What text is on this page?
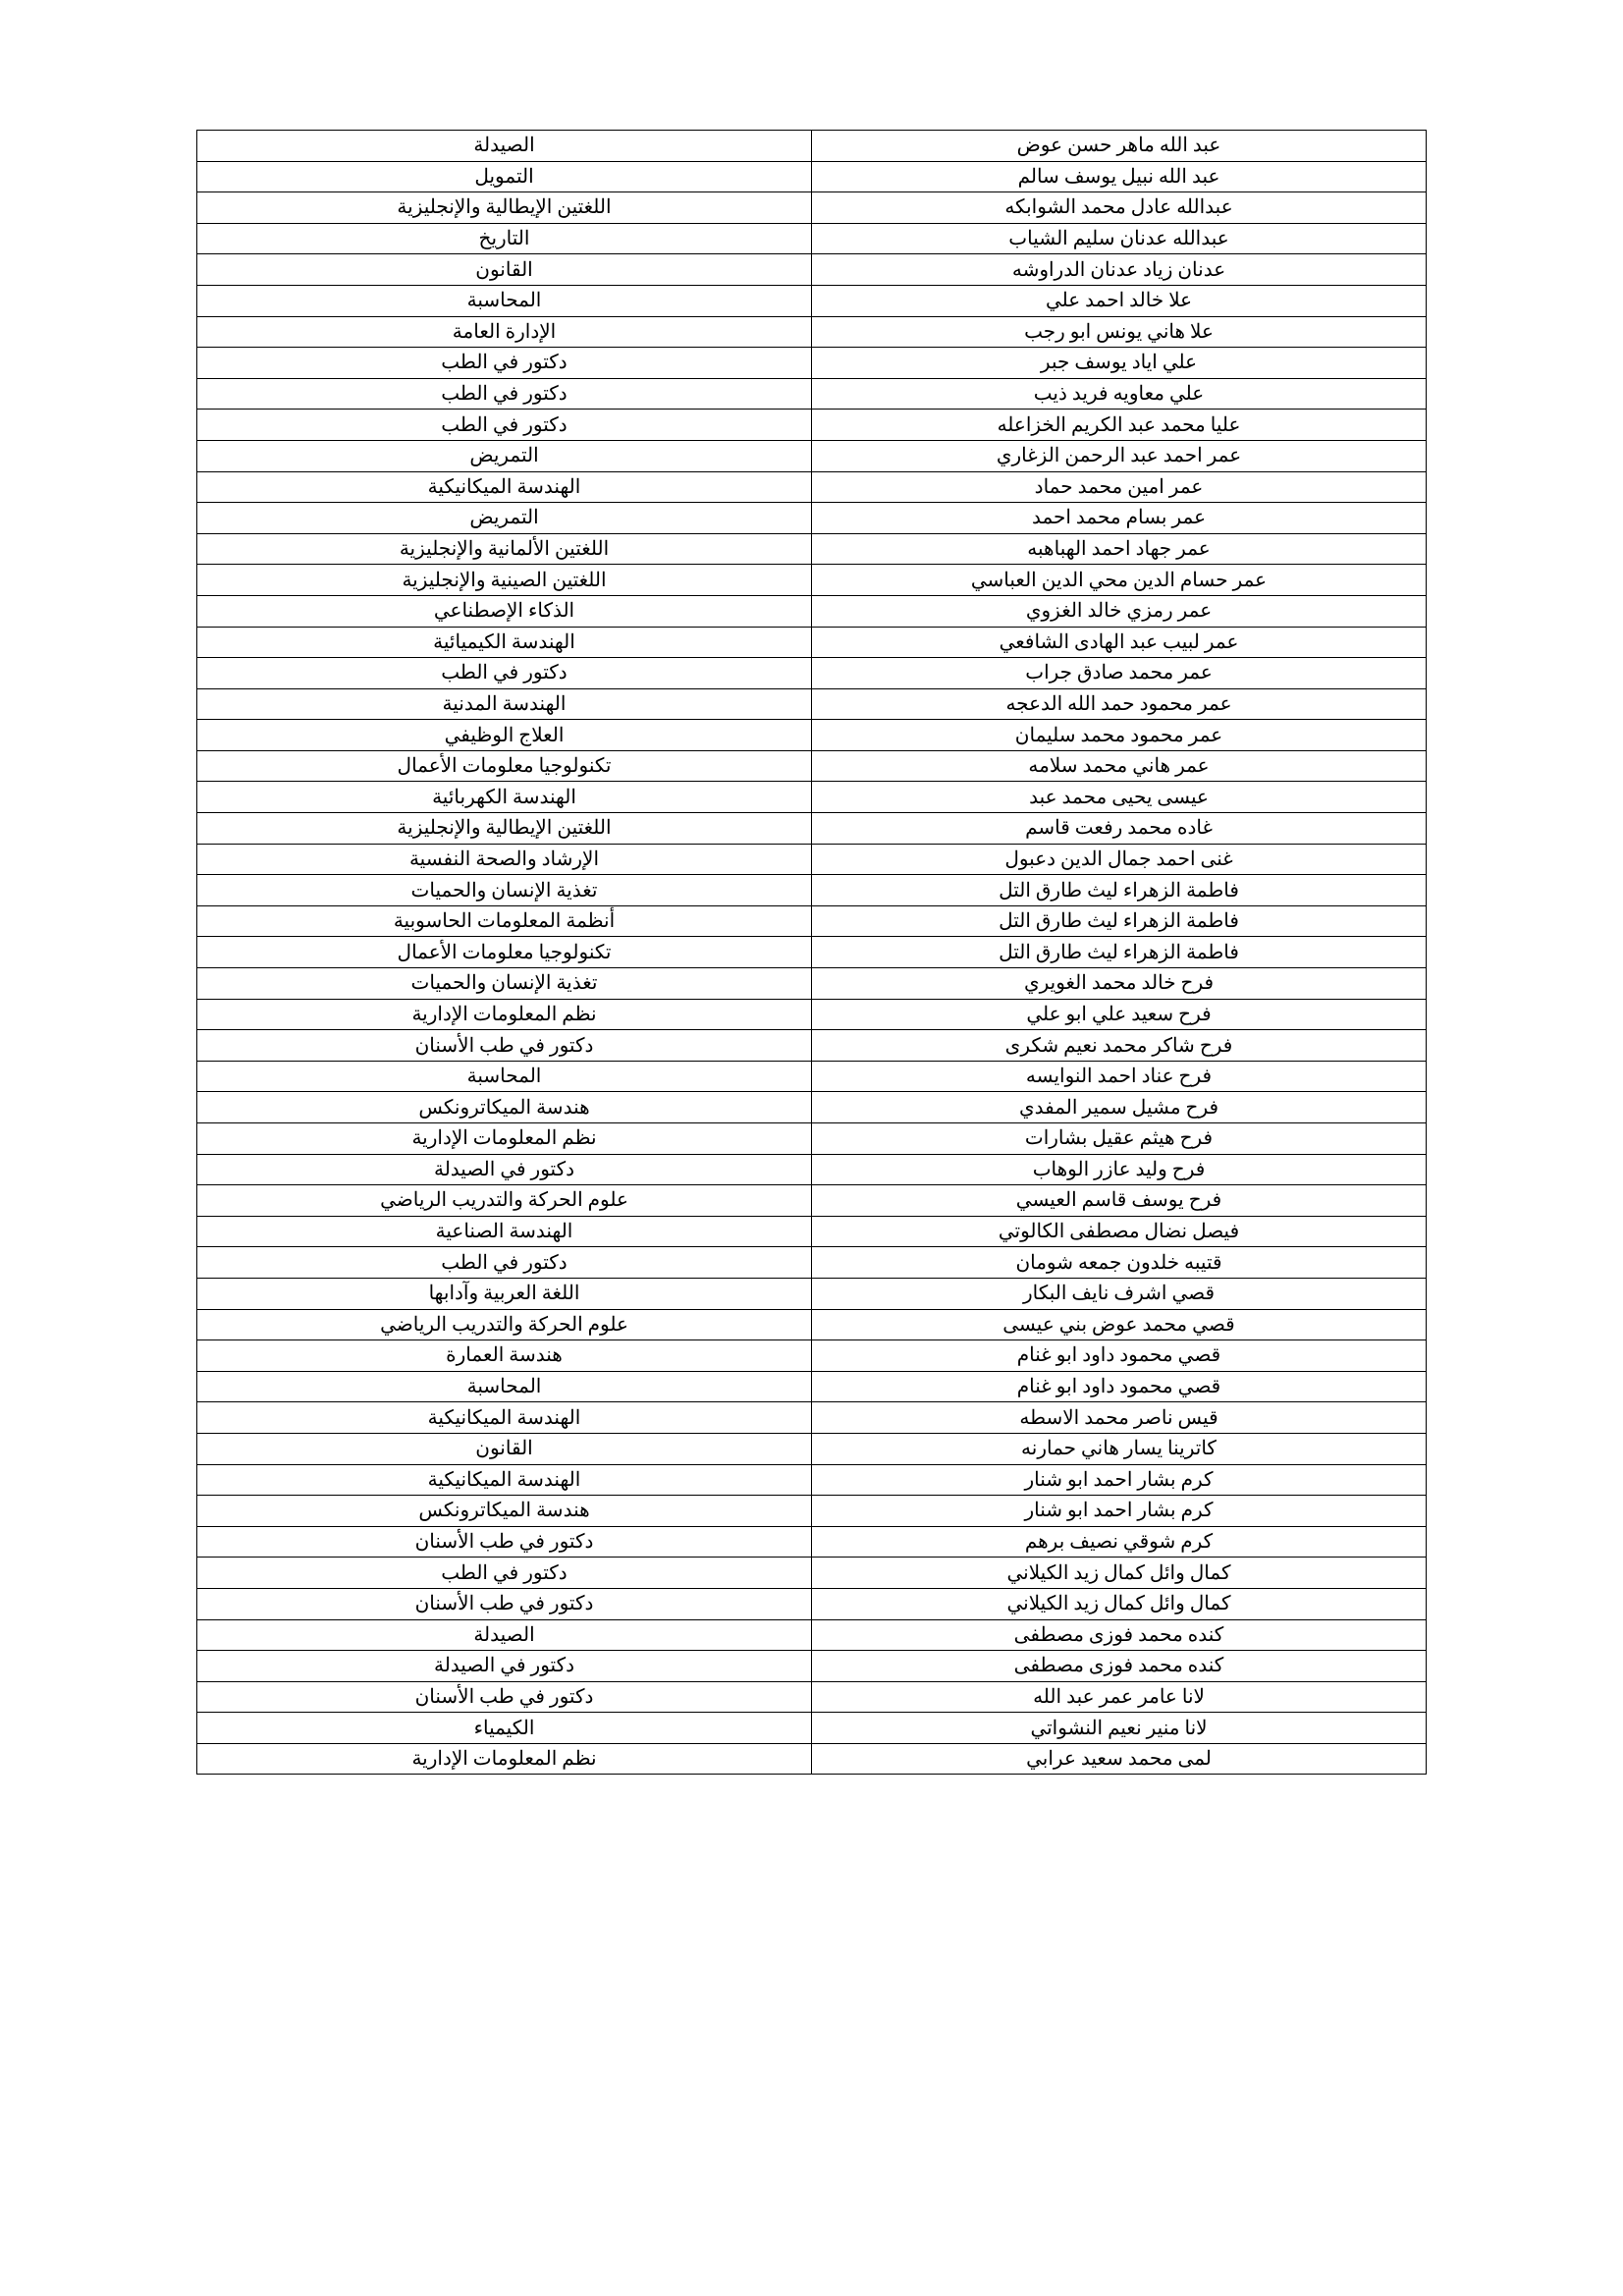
عبد الله ماهر حسن عوض	الصيدلة
عبد الله نبيل يوسف سالم	التمويل
عبدالله عادل محمد الشوابكه	اللغتين الإيطالية والإنجليزية
عبدالله عدنان سليم الشياب	التاريخ
عدنان زياد عدنان الدراوشه	القانون
علا خالد احمد علي	المحاسبة
علا هاني يونس ابو رجب	الإدارة العامة
علي اياد يوسف جبر	دكتور في الطب
علي معاويه فريد ذيب	دكتور في الطب
عليا محمد عبد الكريم الخزاعله	دكتور في الطب
عمر احمد عبد الرحمن الزغاري	التمريض
عمر امين محمد حماد	الهندسة الميكانيكية
عمر بسام محمد احمد	التمريض
عمر جهاد احمد الهباهبه	اللغتين الألمانية والإنجليزية
عمر حسام الدين محي الدين العباسي	اللغتين الصينية والإنجليزية
عمر رمزي خالد الغزوي	الذكاء الإصطناعي
عمر لبيب عبد الهادى الشافعي	الهندسة الكيميائية
عمر محمد صادق جراب	دكتور في الطب
عمر محمود حمد الله الدعجه	الهندسة المدنية
عمر محمود محمد سليمان	العلاج الوظيفي
عمر هاني محمد سلامه	تكنولوجيا معلومات الأعمال
عيسى يحيى محمد عبد	الهندسة الكهربائية
غاده محمد رفعت قاسم	اللغتين الإيطالية والإنجليزية
غنى احمد جمال الدين دعبول	الإرشاد والصحة النفسية
فاطمة الزهراء ليث طارق التل	تغذية الإنسان والحميات
فاطمة الزهراء ليث طارق التل	أنظمة المعلومات الحاسوبية
فاطمة الزهراء ليث طارق التل	تكنولوجيا معلومات الأعمال
فرح خالد محمد الغويري	تغذية الإنسان والحميات
فرح سعيد علي ابو علي	نظم المعلومات الإدارية
فرح شاكر محمد نعيم شكرى	دكتور في طب الأسنان
فرح عناد احمد النوايسه	المحاسبة
فرح مشيل سمير المفدي	هندسة الميكاترونكس
فرح هيثم عقيل بشارات	نظم المعلومات الإدارية
فرح وليد عازر الوهاب	دكتور في الصيدلة
فرح يوسف قاسم العيسي	علوم الحركة والتدريب الرياضي
فيصل نضال مصطفى الكالوتي	الهندسة الصناعية
قتيبه خلدون جمعه شومان	دكتور في الطب
قصي اشرف نايف البكار	اللغة العربية وآدابها
قصي محمد عوض بني عيسى	علوم الحركة والتدريب الرياضي
قصي محمود داود ابو غنام	هندسة العمارة
قصي محمود داود ابو غنام	المحاسبة
قيس ناصر محمد الاسطه	الهندسة الميكانيكية
كاترينا يسار هاني حمارنه	القانون
كرم بشار احمد ابو شنار	الهندسة الميكانيكية
كرم بشار احمد ابو شنار	هندسة الميكاترونكس
كرم شوقي نصيف برهم	دكتور في طب الأسنان
كمال وائل كمال زيد الكيلاني	دكتور في الطب
كمال وائل كمال زيد الكيلاني	دكتور في طب الأسنان
كنده محمد فوزى مصطفى	الصيدلة
كنده محمد فوزى مصطفى	دكتور في الصيدلة
لانا عامر عمر عبد الله	دكتور في طب الأسنان
لانا منير نعيم النشواتي	الكيمياء
لمى محمد سعيد عرابي	نظم المعلومات الإدارية
